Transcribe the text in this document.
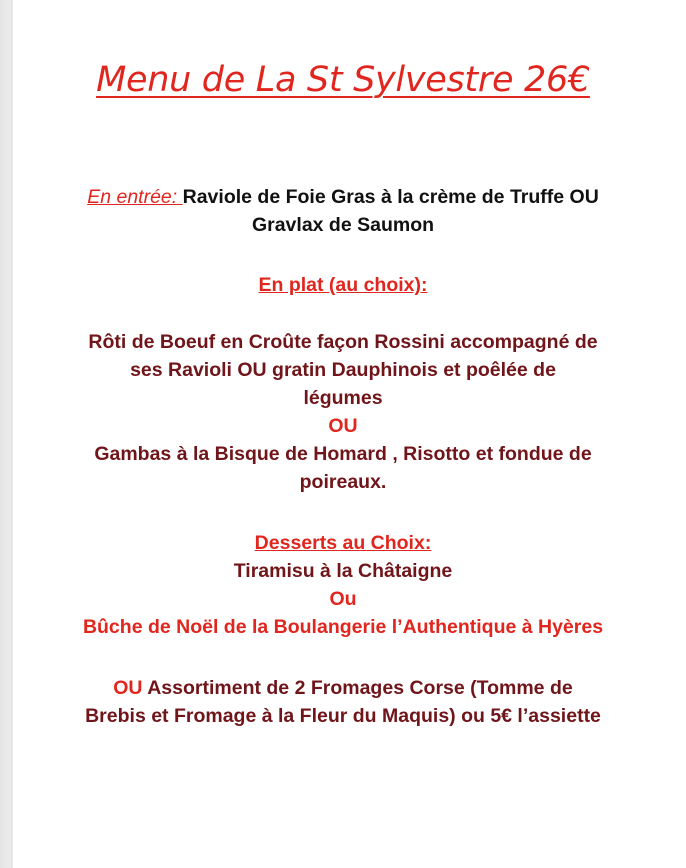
Menu de La St Sylvestre 26€
En entrée: Raviole de Foie Gras à la crème de Truffe OU
Gravlax de Saumon
En plat (au choix):
Rôti de Boeuf en Croûte façon Rossini accompagné de
ses Ravioli OU gratin Dauphinois et poêlée de
légumes
OU
Gambas à la Bisque de Homard , Risotto et fondue de
poireaux.
Desserts au Choix:
Tiramisu à la Châtaigne
Ou
Bûche de Noël de la Boulangerie l’Authentique à Hyères
OU Assortiment de 2 Fromages Corse (Tomme de
Brebis et Fromage à la Fleur du Maquis) ou 5€ l’assiette
